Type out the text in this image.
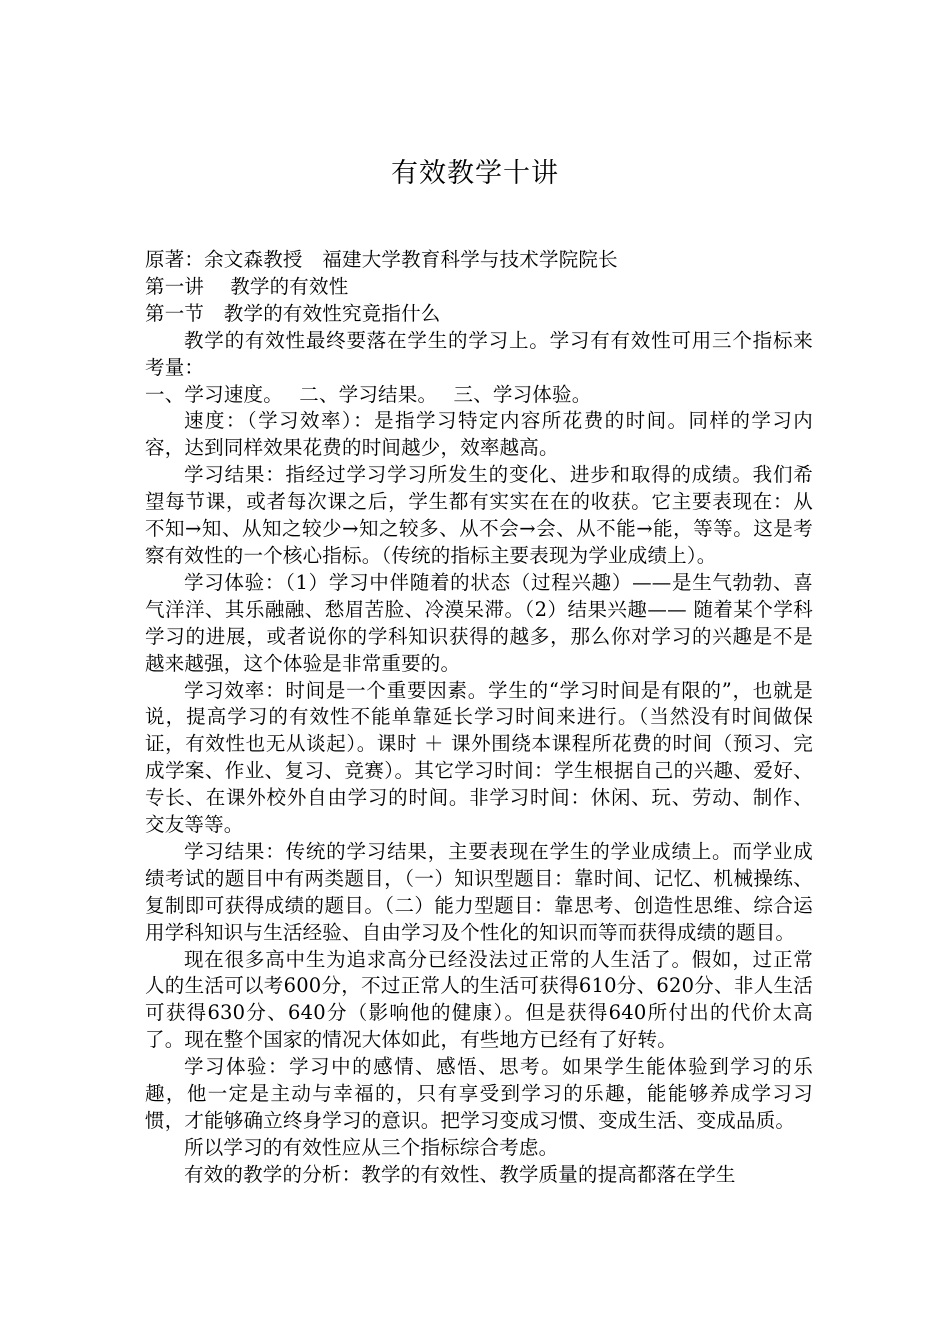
有效教学十讲

原著：余文森教授　福建大学教育科学与技术学院院长

第一讲　 教学的有效性

第一节　教学的有效性究竟指什么

教学的有效性最终要落在学生的学习上。学习有有效性可用三个指标来考量：

一、学习速度。　 二、学习结果。　 三、学习体验。

速度：（学习效率）：是指学习特定内容所花费的时间。同样的学习内容，达到同样效果花费的时间越少，效率越高。

学习结果：指经过学习学习所发生的变化、进步和取得的成绩。我们希望每节课，或者每次课之后，学生都有实实在在的收获。它主要表现在：从不知→知、从知之较少→知之较多、从不会→会、从不能→能，等等。这是考察有效性的一个核心指标。（传统的指标主要表现为学业成绩上）。

学习体验：（1）学习中伴随着的状态（过程兴趣）——是生气勃勃、喜气洋洋、其乐融融、愁眉苦脸、冷漠呆滞。（2）结果兴趣—— 随着某个学科学习的进展，或者说你的学科知识获得的越多，那么你对学习的兴趣是不是越来越强，这个体验是非常重要的。

学习效率：时间是一个重要因素。学生的“学习时间是有限的”，也就是说，提高学习的有效性不能单靠延长学习时间来进行。（当然没有时间做保证，有效性也无从谈起）。课时 ＋ 课外围绕本课程所花费的时间（预习、完成学案、作业、复习、竞赛）。其它学习时间：学生根据自己的兴趣、爱好、专长、在课外校外自由学习的时间。非学习时间：休闲、玩、劳动、制作、交友等等。

学习结果：传统的学习结果，主要表现在学生的学业成绩上。而学业成绩考试的题目中有两类题目，（一）知识型题目：靠时间、记忆、机械操练、复制即可获得成绩的题目。（二）能力型题目：靠思考、创造性思维、综合运用学科知识与生活经验、自由学习及个性化的知识而等而获得成绩的题目。

现在很多高中生为追求高分已经没法过正常的人生活了。假如，过正常人的生活可以考600分，不过正常人的生活可获得610分、620分、非人生活可获得630分、640分（影响他的健康）。但是获得640所付出的代价太高了。现在整个国家的情况大体如此，有些地方已经有了好转。

学习体验：学习中的感情、感悟、思考。如果学生能体验到学习的乐趣，他一定是主动与幸福的，只有享受到学习的乐趣，能能够养成学习习惯，才能够确立终身学习的意识。把学习变成习惯、变成生活、变成品质。

所以学习的有效性应从三个指标综合考虑。

有效的教学的分析：教学的有效性、教学质量的提高都落在学生
